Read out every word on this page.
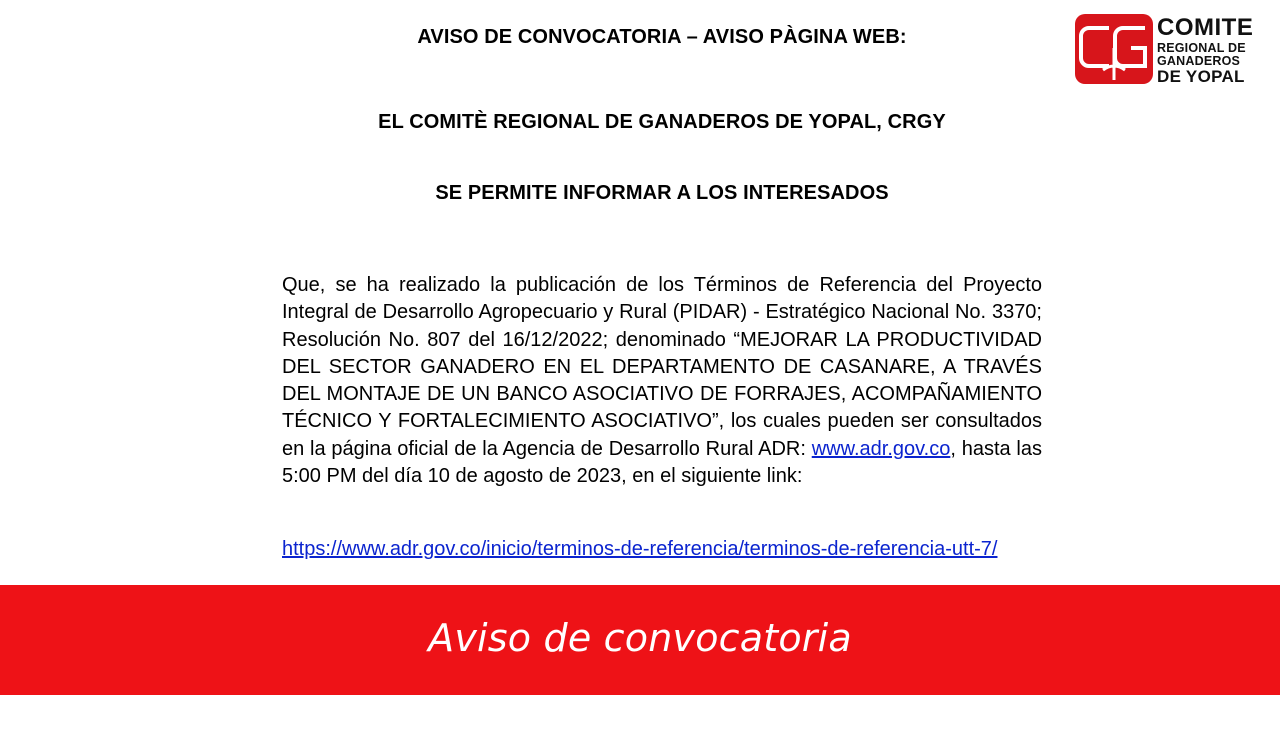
AVISO DE CONVOCATORIA – AVISO PÀGINA WEB:
EL COMITÈ REGIONAL DE GANADEROS DE YOPAL, CRGY
SE PERMITE INFORMAR A LOS INTERESADOS
COMITE
REGIONAL DE
GANADEROS
DE YOPAL
Que, se ha realizado la publicación de los Términos de Referencia del Proyecto Integral de Desarrollo Agropecuario y Rural (PIDAR) - Estratégico Nacional No. 3370; Resolución No. 807 del 16/12/2022; denominado “MEJORAR LA PRODUCTIVIDAD DEL SECTOR GANADERO EN EL DEPARTAMENTO DE CASANARE, A TRAVÉS DEL MONTAJE DE UN BANCO ASOCIATIVO DE FORRAJES, ACOMPAÑAMIENTO TÉCNICO Y FORTALECIMIENTO ASOCIATIVO”, los cuales pueden ser consultados en la página oficial de la Agencia de Desarrollo Rural ADR: www.adr.gov.co, hasta las 5:00 PM del día 10 de agosto de 2023, en el siguiente link:
https://www.adr.gov.co/inicio/terminos-de-referencia/terminos-de-referencia-utt-7/
Aviso de convocatoria
